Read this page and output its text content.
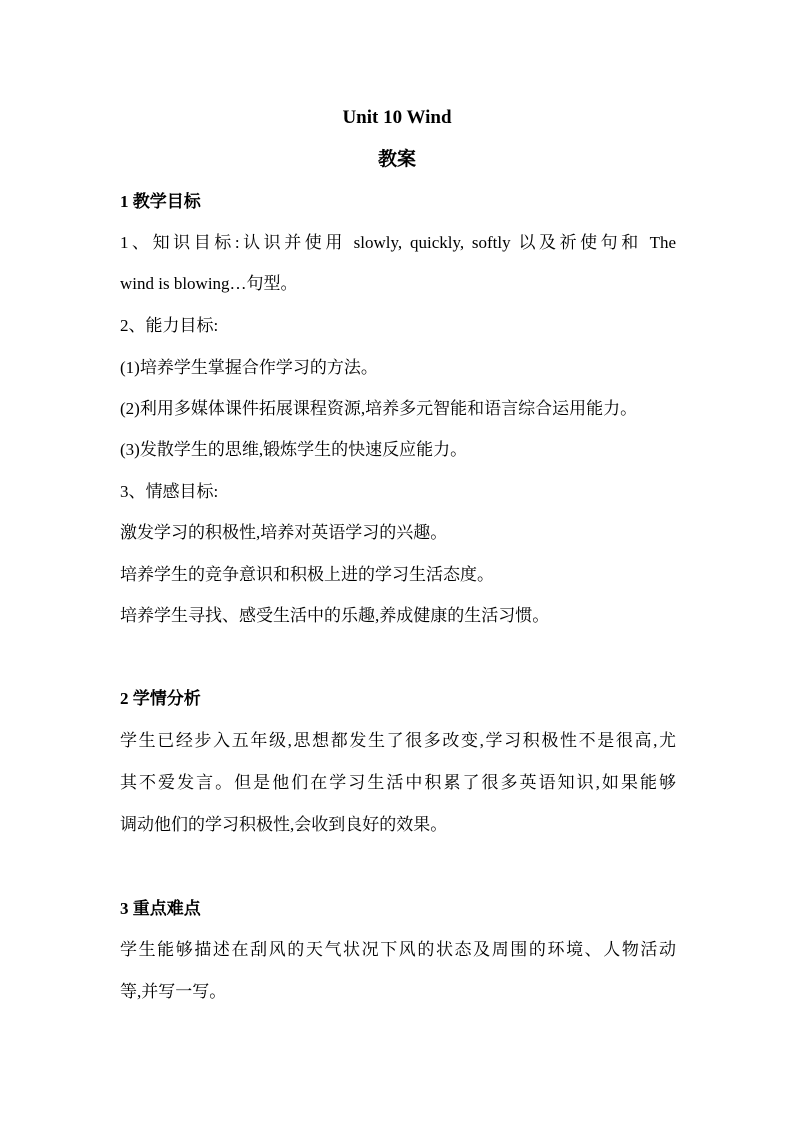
Unit 10 Wind
教案
1 教学目标
1、知识目标:认识并使用 slowly, quickly, softly 以及祈使句和 The
wind is blowing…句型。
2、能力目标:
(1)培养学生掌握合作学习的方法。
(2)利用多媒体课件拓展课程资源,培养多元智能和语言综合运用能力。
(3)发散学生的思维,锻炼学生的快速反应能力。
3、情感目标:
激发学习的积极性,培养对英语学习的兴趣。
培养学生的竞争意识和积极上进的学习生活态度。
培养学生寻找、感受生活中的乐趣,养成健康的生活习惯。
2 学情分析
学生已经步入五年级,思想都发生了很多改变,学习积极性不是很高,尤
其不爱发言。但是他们在学习生活中积累了很多英语知识,如果能够
调动他们的学习积极性,会收到良好的效果。
3 重点难点
学生能够描述在刮风的天气状况下风的状态及周围的环境、人物活动
等,并写一写。
